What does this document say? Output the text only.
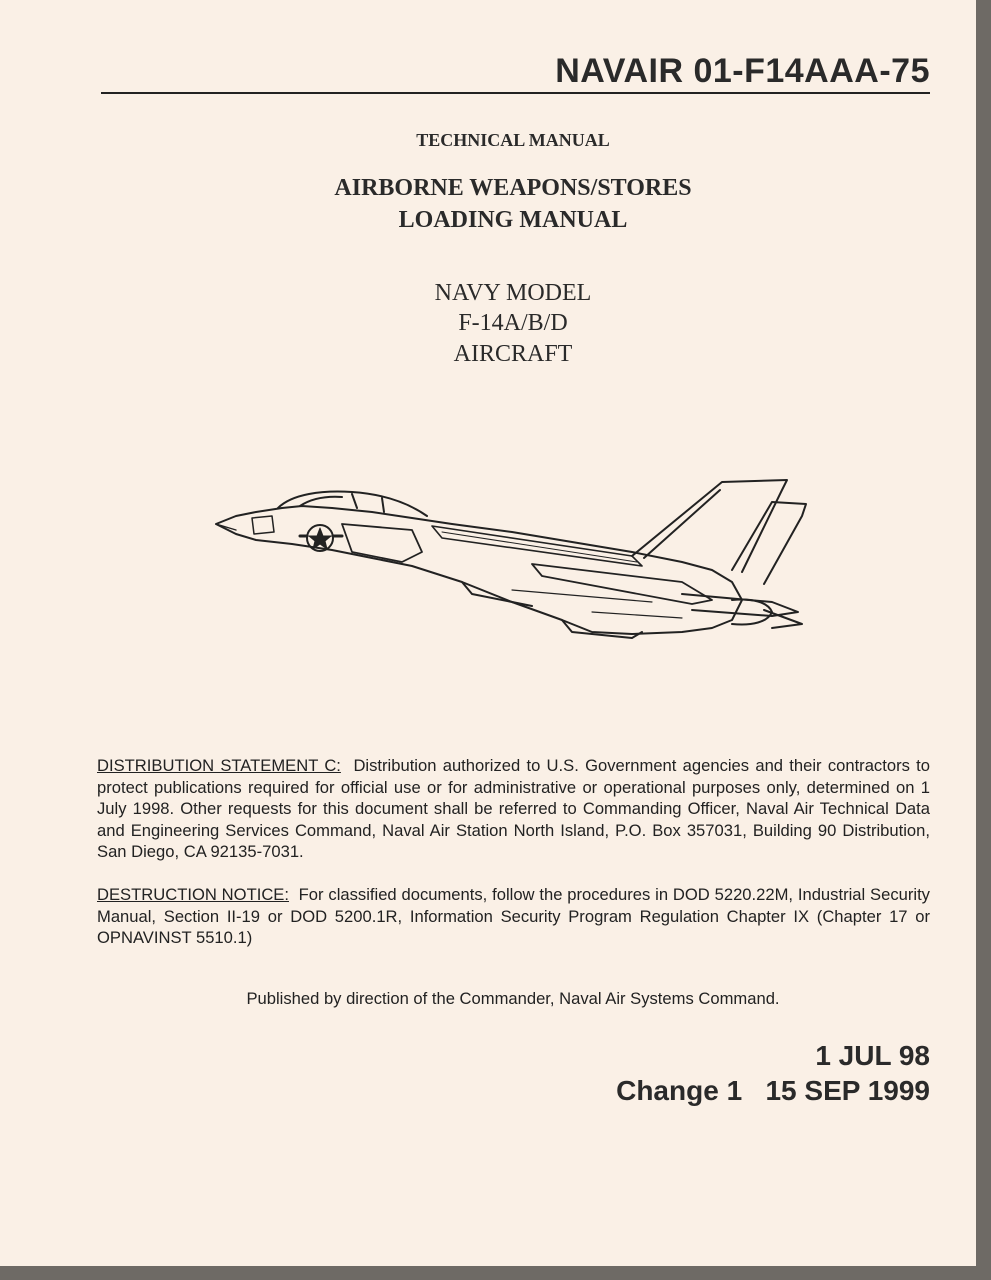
NAVAIR 01-F14AAA-75
TECHNICAL MANUAL
AIRBORNE WEAPONS/STORES
LOADING MANUAL
NAVY MODEL
F-14A/B/D
AIRCRAFT
DISTRIBUTION STATEMENT C: Distribution authorized to U.S. Government agencies and their contractors to protect publications required for official use or for administrative or operational purposes only, determined on 1 July 1998. Other requests for this document shall be referred to Commanding Officer, Naval Air Technical Data and Engineering Services Command, Naval Air Station North Island, P.O. Box 357031, Building 90 Distribution, San Diego, CA 92135-7031.
DESTRUCTION NOTICE: For classified documents, follow the procedures in DOD 5220.22M, Industrial Security Manual, Section II-19 or DOD 5200.1R, Information Security Program Regulation Chapter IX (Chapter 17 or OPNAVINST 5510.1)
Published by direction of the Commander, Naval Air Systems Command.
1 JUL 98
Change 1 15 SEP 1999
